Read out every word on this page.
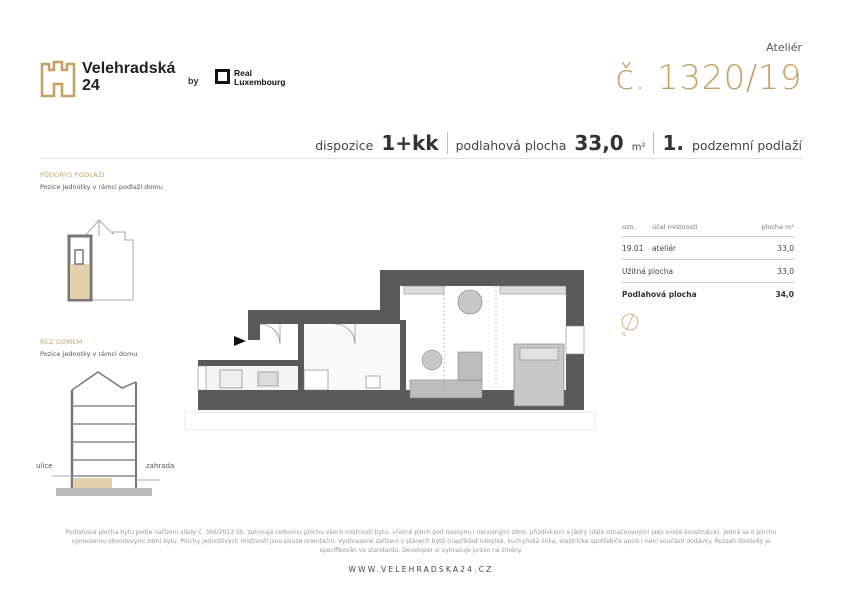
Velehradská
24	by
Real
Luxembourg
Ateliér
č. 1320/19
dispozice 1+kk podlahová plocha 33,0 m² 1. podzemní podlaží
PŮDORYS PODLAŽÍ
Pozice jednotky v rámci podlaží domu
ŘEZ DOMEM
Pozice jednotky v rámci domu
ulice	zahrada
ozn.	účel místnosti	plocha m²
19.01	ateliér	33,0
Užitná plocha		33,0
Podlahová plocha		34,0
S
Podlahová plocha bytu podle nařízení vlády č. 366/2013 Sb. zahrnuje celkovou plochu všech místností bytu, včetně ploch pod nosnými i nenosnými zdmi, přizdívkami a jádry (dále označovanými jako svislé konstrukce). Jedná se o plochu
vymezenou obvodovými zdmi bytu. Plochy jednotlivých místností jsou pouze orientační. Vyobrazené zařízení v plánech bytů (například nábytek, kuchyňská linka, elektrické spotřebiče apod.) není součástí dodávky. Rozsah dodávky je
specifikován ve standardu. Developer si vyhrazuje právo na změny.
WWW.VELEHRADSKA24.CZ
